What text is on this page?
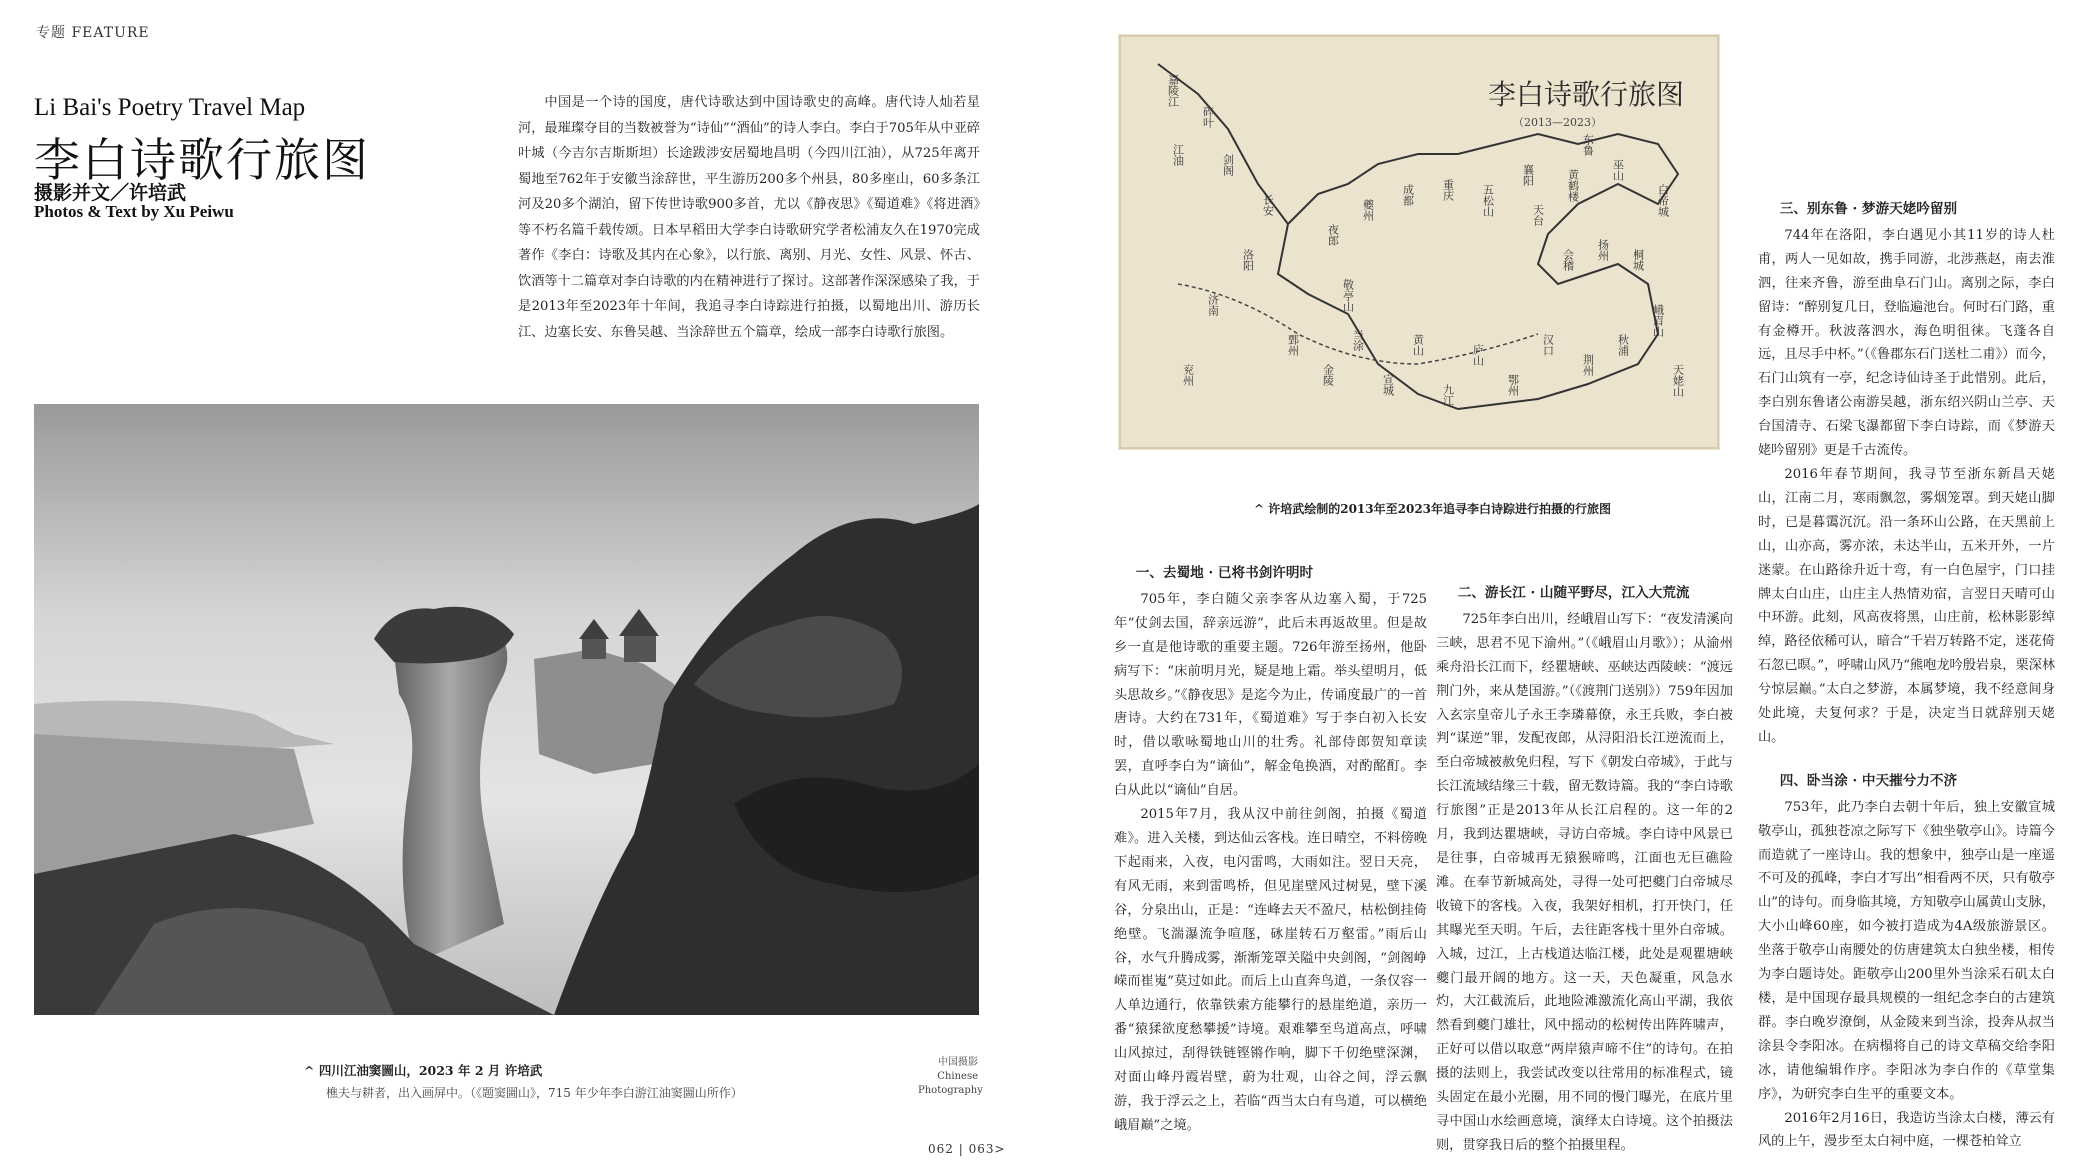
专题 FEATURE
Li Bai's Poetry Travel Map
李白诗歌行旅图
摄影并文／许培武
Photos & Text by Xu Peiwu
中国是一个诗的国度，唐代诗歌达到中国诗歌史的高峰。唐代诗人灿若星河，最璀璨夺目的当数被誉为“诗仙”“酒仙”的诗人李白。李白于705年从中亚碎叶城（今吉尔吉斯斯坦）长途跋涉安居蜀地昌明（今四川江油），从725年离开蜀地至762年于安徽当涂辞世，平生游历200多个州县，80多座山，60多条江河及20多个湖泊，留下传世诗歌900多首，尤以《静夜思》《蜀道难》《将进酒》等不朽名篇千载传颂。日本早稻田大学李白诗歌研究学者松浦友久在1970完成著作《李白：诗歌及其内在心象》，以行旅、离别、月光、女性、风景、怀古、饮酒等十二篇章对李白诗歌的内在精神进行了探讨。这部著作深深感染了我，于是2013年至2023年十年间，我追寻李白诗踪进行拍摄，以蜀地出川、游历长江、边塞长安、东鲁吴越、当涂辞世五个篇章，绘成一部李白诗歌行旅图。
^ 四川江油窦圌山，2023 年 2 月 许培武
樵夫与耕者，出入画屏中。（《题窦圌山》，715 年少年李白游江油窦圌山所作）
中国摄影
Chinese
Photography
062 | 063>
李白诗歌行旅图
（2013—2023）
嘉陵江
碎叶
江油	剑阁
长安
洛阳
济南
兖州
鄄州
金陵
当涂
宣城
黄山
九江
庐山
鄂州
汉口
荆州
秋浦
峨眉山
桐城
扬州
会稽
天台
黄鹤楼	巫山
白帝城
重庆
成都
夔州
夜郎
五松山
襄阳
东鲁
天姥山
敬亭山
^ 许培武绘制的2013年至2023年追寻李白诗踪进行拍摄的行旅图
一、去蜀地 · 已将书剑许明时

705年，李白随父亲李客从边塞入蜀，于725年“仗剑去国，辞亲远游”，此后未再返故里。但是故乡一直是他诗歌的重要主题。726年游至扬州，他卧病写下：“床前明月光，疑是地上霜。举头望明月，低头思故乡。”《静夜思》是迄今为止，传诵度最广的一首唐诗。大约在731年，《蜀道难》写于李白初入长安时，借以歌咏蜀地山川的壮秀。礼部侍郎贺知章读罢，直呼李白为“谪仙”，解金龟换酒，对酌酩酊。李白从此以“谪仙”自居。

2015年7月，我从汉中前往剑阁，拍摄《蜀道难》。进入关楼，到达仙云客栈。连日晴空，不料傍晚下起雨来，入夜，电闪雷鸣，大雨如注。翌日天亮，有风无雨，来到雷鸣桥，但见崖壁风过树晃，壁下溪谷，分泉出山，正是：“连峰去天不盈尺，枯松倒挂倚绝壁。飞湍瀑流争喧豗，砯崖转石万壑雷。”雨后山谷，水气升腾成雾，渐渐笼罩关隘中央剑阁，“剑阁峥嵘而崔嵬”莫过如此。而后上山直奔鸟道，一条仅容一人单边通行，依靠铁索方能攀行的悬崖绝道，亲历一番“猿猱欲度愁攀援”诗境。艰难攀至鸟道高点，呼啸山风掠过，刮得铁链铿锵作响，脚下千仞绝壁深渊，对面山峰丹霞岩壁，蔚为壮观，山谷之间，浮云飘游，我于浮云之上，若临“西当太白有鸟道，可以横绝峨眉巅”之境。

二、游长江 · 山随平野尽，江入大荒流

725年李白出川，经峨眉山写下：“夜发清溪向三峡，思君不见下渝州。”（《峨眉山月歌》）；从渝州乘舟沿长江而下，经瞿塘峡、巫峡达西陵峡：“渡远荆门外，来从楚国游。”（《渡荆门送别》）759年因加入玄宗皇帝儿子永王李璘幕僚，永王兵败，李白被判“谋逆”罪，发配夜郎，从浔阳沿长江逆流而上，至白帝城被赦免归程，写下《朝发白帝城》，于此与长江流域结缘三十载，留无数诗篇。我的“李白诗歌行旅图”正是2013年从长江启程的。这一年的2月，我到达瞿塘峡，寻访白帝城。李白诗中风景已是往事，白帝城再无猿猴啼鸣，江面也无巨礁险滩。在奉节新城高处，寻得一处可把夔门白帝城尽收镜下的客栈。入夜，我架好相机，打开快门，任其曝光至天明。午后，去往距客栈十里外白帝城。入城，过江，上古栈道达临江楼，此处是观瞿塘峡夔门最开阔的地方。这一天，天色凝重，风急水灼，大江截流后，此地险滩激流化高山平湖，我依然看到夔门雄壮，风中摇动的松树传出阵阵啸声，正好可以借以取意“两岸猿声啼不住”的诗句。在拍摄的法则上，我尝试改变以往常用的标准程式，镜头固定在最小光圈，用不同的慢门曝光，在底片里寻中国山水绘画意境，演绎太白诗境。这个拍摄法则，贯穿我日后的整个拍摄里程。

三、别东鲁 · 梦游天姥吟留别

744年在洛阳，李白遇见小其11岁的诗人杜甫，两人一见如故，携手同游，北涉燕赵，南去淮泗，往来齐鲁，游至曲阜石门山。离别之际，李白留诗：“醉别复几日，登临遍池台。何时石门路，重有金樽开。秋波落泗水，海色明徂徕。飞蓬各自远，且尽手中杯。”（《鲁郡东石门送杜二甫》）而今，石门山筑有一亭，纪念诗仙诗圣于此惜别。此后，李白别东鲁诸公南游吴越，浙东绍兴阴山兰亭、天台国清寺、石梁飞瀑都留下李白诗踪，而《梦游天姥吟留别》更是千古流传。

2016年春节期间，我寻节至浙东新昌天姥山，江南二月，寒雨飘忽，雾烟笼罩。到天姥山脚时，已是暮霭沉沉。沿一条环山公路，在天黑前上山，山亦高，雾亦浓，未达半山，五米开外，一片迷蒙。在山路徐升近十弯，有一白色屋宇，门口挂牌太白山庄，山庄主人热情劝宿，言翌日天晴可山中环游。此刻，风高夜将黑，山庄前，松林影影绰绰，路径依稀可认，暗合“千岩万转路不定，迷花倚石忽已暝。”，呼啸山风乃“熊咆龙吟殷岩泉，栗深林兮惊层巅。”太白之梦游，本属梦境，我不经意间身处此境，夫复何求？于是，决定当日就辞别天姥山。

四、卧当涂 · 中天摧兮力不济

753年，此乃李白去朝十年后，独上安徽宣城敬亭山，孤独苍凉之际写下《独坐敬亭山》。诗篇今而造就了一座诗山。我的想象中，独亭山是一座遥不可及的孤峰，李白才写出“相看两不厌，只有敬亭山”的诗句。而身临其境，方知敬亭山属黄山支脉，大小山峰60座，如今被打造成为4A级旅游景区。坐落于敬亭山南腰处的仿唐建筑太白独坐楼，相传为李白题诗处。距敬亭山200里外当涂采石矶太白楼，是中国现存最具规模的一组纪念李白的古建筑群。李白晚岁潦倒，从金陵来到当涂，投奔从叔当涂县令李阳冰。在病榻将自己的诗文草稿交给李阳冰，请他编辑作序。李阳冰为李白作的《草堂集序》，为研究李白生平的重要文本。

2016年2月16日，我造访当涂太白楼，薄云有风的上午，漫步至太白祠中庭，一棵苍柏耸立
